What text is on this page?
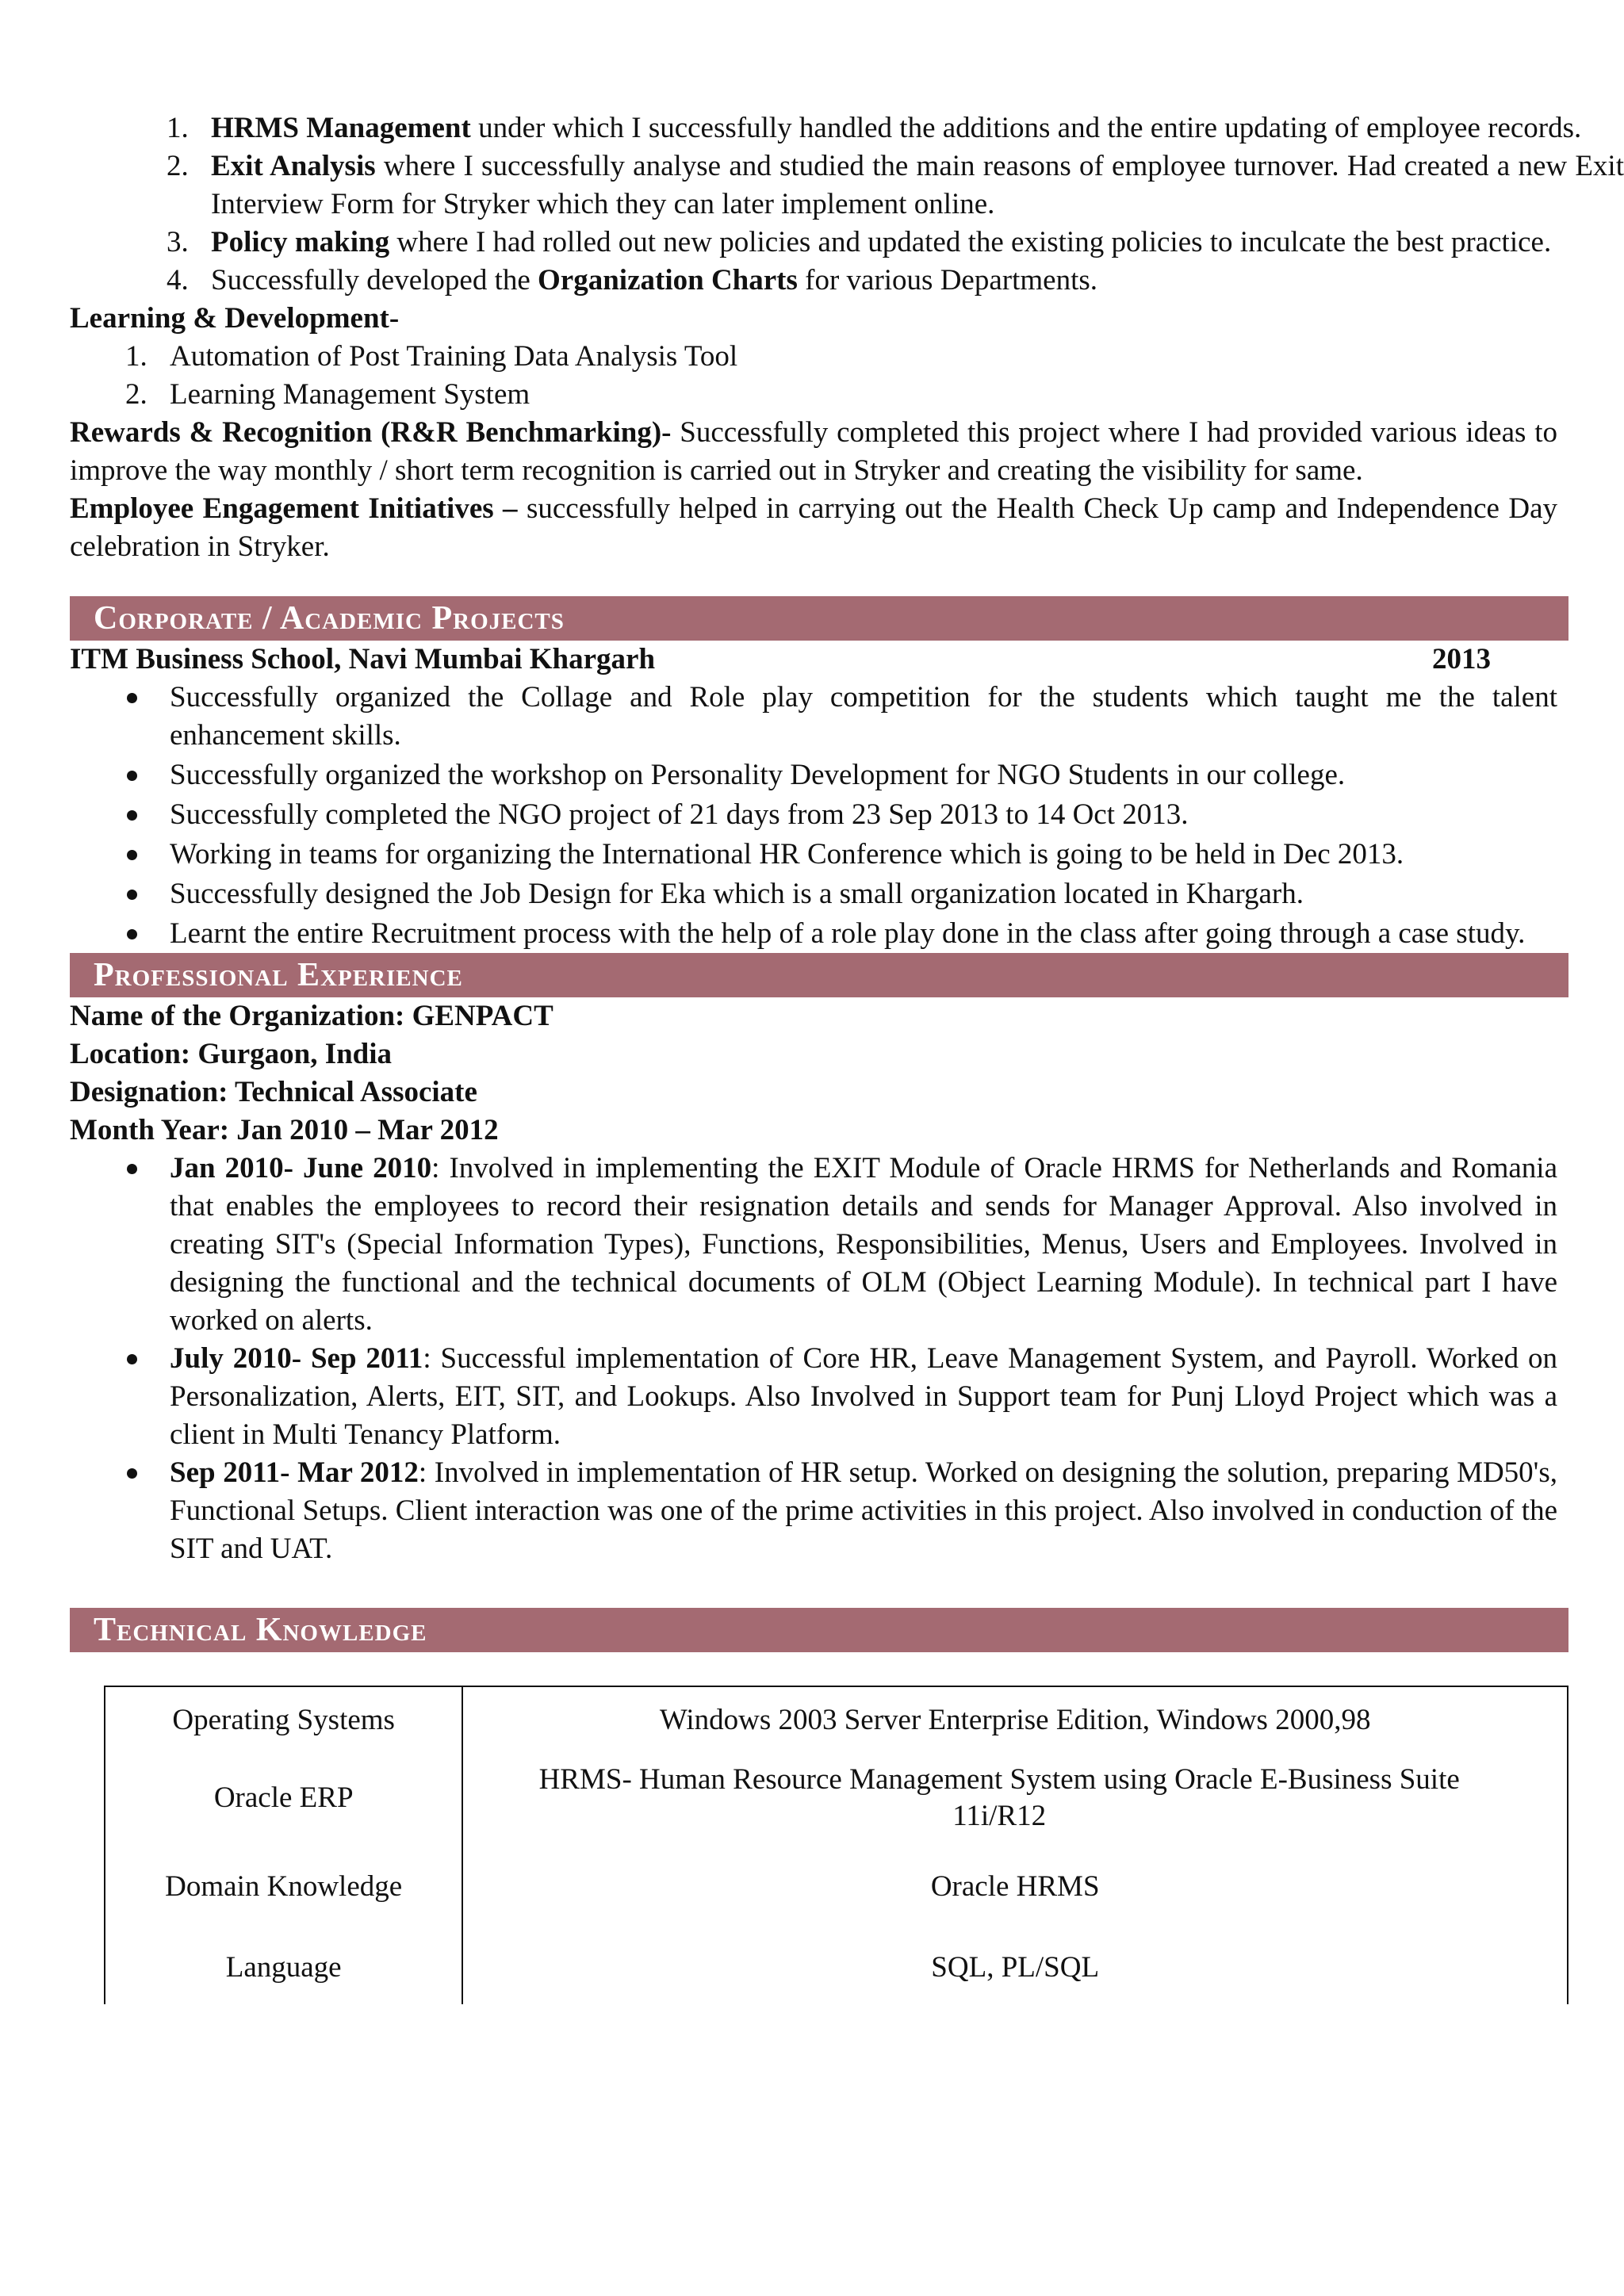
1. HRMS Management under which I successfully handled the additions and the entire updating of employee records.
2. Exit Analysis where I successfully analyse and studied the main reasons of employee turnover. Had created a new Exit Interview Form for Stryker which they can later implement online.
3. Policy making where I had rolled out new policies and updated the existing policies to inculcate the best practice.
4. Successfully developed the Organization Charts for various Departments.
Learning & Development-
1. Automation of Post Training Data Analysis Tool
2. Learning Management System
Rewards & Recognition (R&R Benchmarking)- Successfully completed this project where I had provided various ideas to improve the way monthly / short term recognition is carried out in Stryker and creating the visibility for same.
Employee Engagement Initiatives – successfully helped in carrying out the Health Check Up camp and Independence Day celebration in Stryker.
Corporate / Academic Projects
ITM Business School, Navi Mumbai Khargarh	2013
Successfully organized the Collage and Role play competition for the students which taught me the talent enhancement skills.
Successfully organized the workshop on Personality Development for NGO Students in our college.
Successfully completed the NGO project of 21 days from 23 Sep 2013 to 14 Oct 2013.
Working in teams for organizing the International HR Conference which is going to be held in Dec 2013.
Successfully designed the Job Design for Eka which is a small organization located in Khargarh.
Learnt the entire Recruitment process with the help of a role play done in the class after going through a case study.
Professional Experience
Name of the Organization: GENPACT
Location: Gurgaon, India
Designation: Technical Associate
Month Year: Jan 2010 – Mar 2012
Jan 2010- June 2010: Involved in implementing the EXIT Module of Oracle HRMS for Netherlands and Romania that enables the employees to record their resignation details and sends for Manager Approval. Also involved in creating SIT's (Special Information Types), Functions, Responsibilities, Menus, Users and Employees. Involved in designing the functional and the technical documents of OLM (Object Learning Module). In technical part I have worked on alerts.
July 2010- Sep 2011: Successful implementation of Core HR, Leave Management System, and Payroll. Worked on Personalization, Alerts, EIT, SIT, and Lookups. Also Involved in Support team for Punj Lloyd Project which was a client in Multi Tenancy Platform.
Sep 2011- Mar 2012: Involved in implementation of HR setup. Worked on designing the solution, preparing MD50's, Functional Setups. Client interaction was one of the prime activities in this project. Also involved in conduction of the SIT and UAT.
Technical Knowledge
Operating Systems	Windows 2003 Server Enterprise Edition, Windows 2000,98
Oracle ERP	HRMS- Human Resource Management System using Oracle E-Business Suite 11i/R12
Domain Knowledge	Oracle HRMS
Language	SQL, PL/SQL
